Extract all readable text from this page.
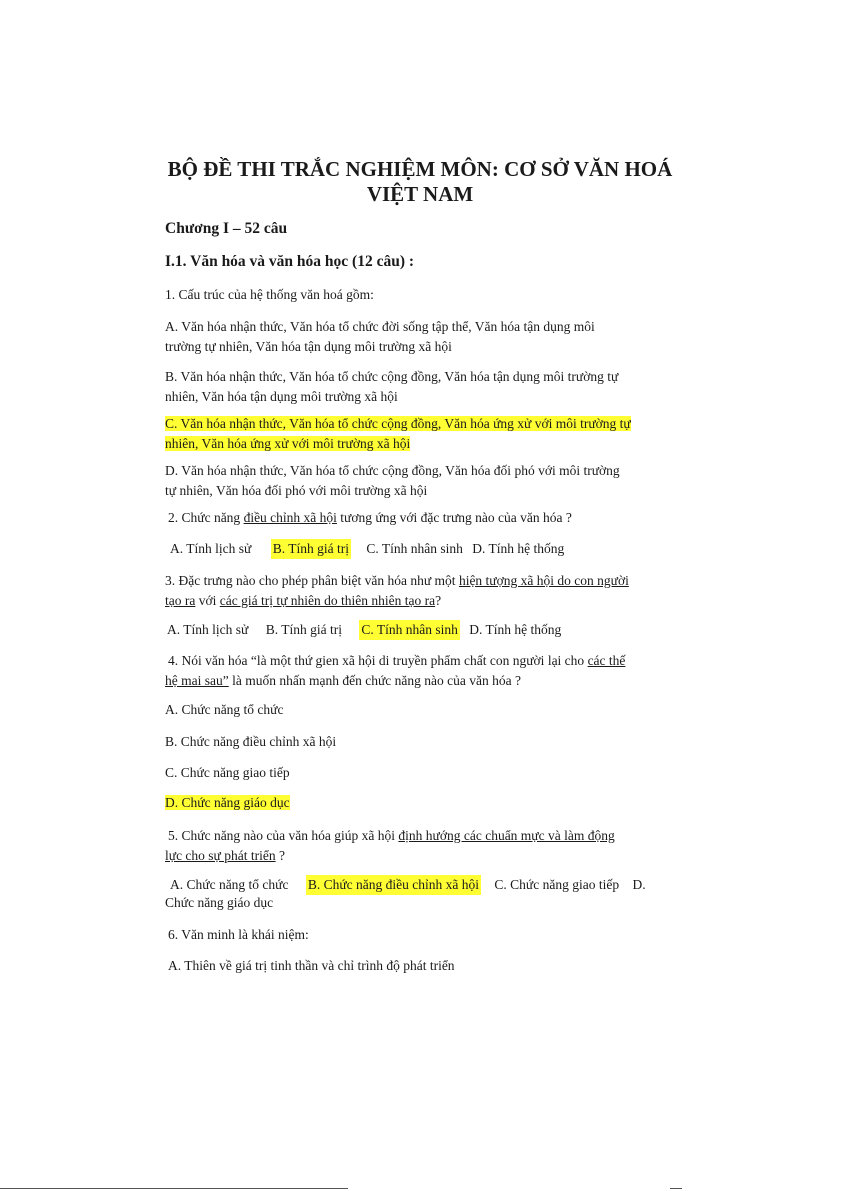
BỘ ĐỀ THI TRẮC NGHIỆM MÔN: CƠ SỞ VĂN HOÁ
VIỆT NAM
Chương I – 52 câu
I.1. Văn hóa và văn hóa học (12 câu) :
1. Cấu trúc của hệ thống văn hoá gồm:
A. Văn hóa nhận thức, Văn hóa tổ chức đời sống tập thể, Văn hóa tận dụng môi
trường tự nhiên, Văn hóa tận dụng môi trường xã hội
B. Văn hóa nhận thức, Văn hóa tổ chức cộng đồng, Văn hóa tận dụng môi trường tự
nhiên, Văn hóa tận dụng môi trường xã hội
C. Văn hóa nhận thức, Văn hóa tổ chức cộng đồng, Văn hóa ứng xử với môi trường tự
nhiên, Văn hóa ứng xử với môi trường xã hội
D. Văn hóa nhận thức, Văn hóa tổ chức cộng đồng, Văn hóa đối phó với môi trường
tự nhiên, Văn hóa đối phó với môi trường xã hội
2. Chức năng điều chỉnh xã hội tương ứng với đặc trưng nào của văn hóa ?
A. Tính lịch sử B. Tính giá trị C. Tính nhân sinh D. Tính hệ thống
3. Đặc trưng nào cho phép phân biệt văn hóa như một hiện tượng xã hội do con người
tạo ra với các giá trị tự nhiên do thiên nhiên tạo ra?
A. Tính lịch sử B. Tính giá trị C. Tính nhân sinh D. Tính hệ thống
4. Nói văn hóa “là một thứ gien xã hội di truyền phẩm chất con người lại cho các thế
hệ mai sau” là muốn nhấn mạnh đến chức năng nào của văn hóa ?
A. Chức năng tổ chức
B. Chức năng điều chỉnh xã hội
C. Chức năng giao tiếp
D. Chức năng giáo dục
5. Chức năng nào của văn hóa giúp xã hội định hướng các chuẩn mực và làm động
lực cho sự phát triển ?
A. Chức năng tổ chức B. Chức năng điều chỉnh xã hội C. Chức năng giao tiếp D.
Chức năng giáo dục
6. Văn minh là khái niệm:
A. Thiên về giá trị tinh thần và chỉ trình độ phát triển
